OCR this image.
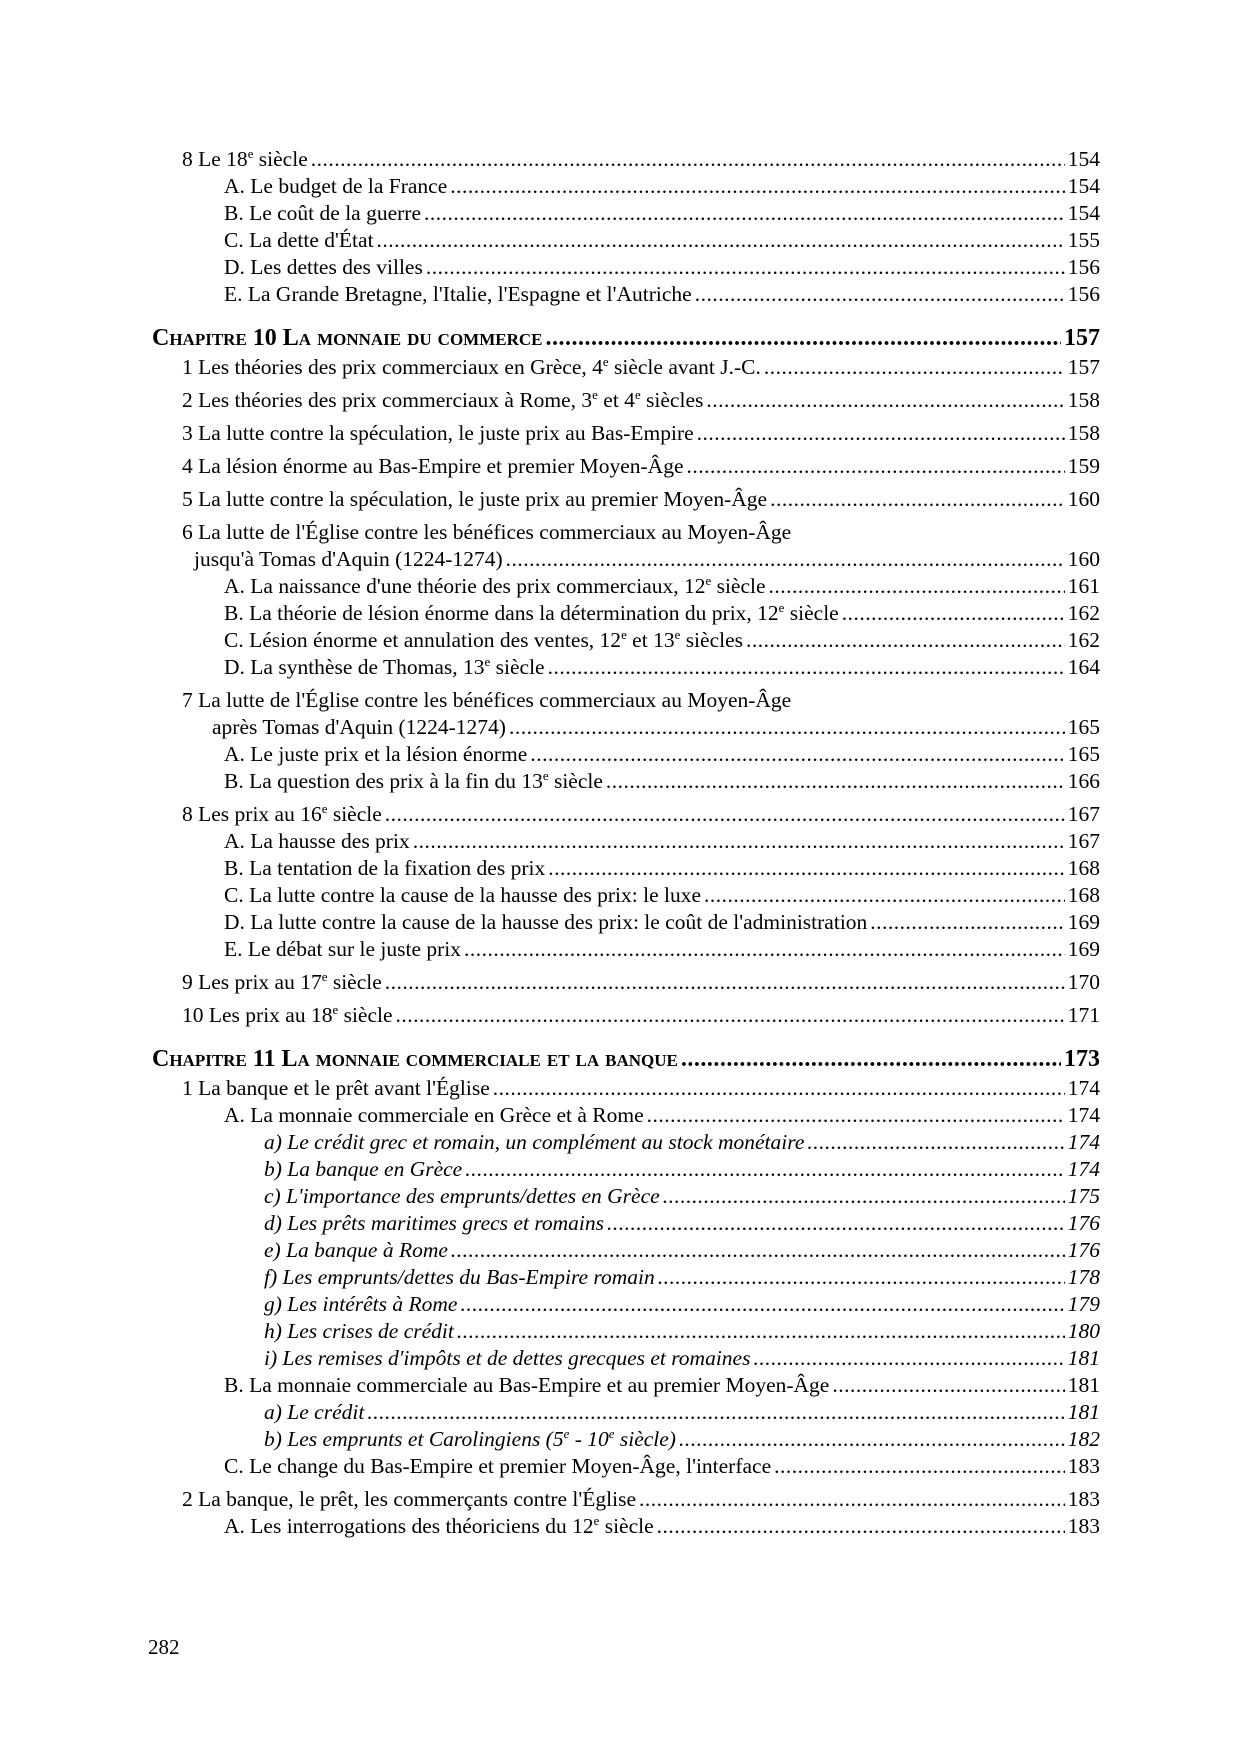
8 Le 18e siècle .....	154
A. Le budget de la France .....	154
B. Le coût de la guerre .....	154
C. La dette d'État .....	155
D. Les dettes des villes .....	156
E. La Grande Bretagne, l'Italie, l'Espagne et l'Autriche .....	156
Chapitre 10 La monnaie du commerce .....	157
1 Les théories des prix commerciaux en Grèce, 4e siècle avant J.-C. .....	157
2 Les théories des prix commerciaux à Rome, 3e et 4e siècles .....	158
3 La lutte contre la spéculation, le juste prix au Bas-Empire .....	158
4 La lésion énorme au Bas-Empire et premier Moyen-Âge .....	159
5 La lutte contre la spéculation, le juste prix au premier Moyen-Âge .....	160
6 La lutte de l'Église contre les bénéfices commerciaux au Moyen-Âge
jusqu'à Tomas d'Aquin (1224-1274) .....	160
A. La naissance d'une théorie des prix commerciaux, 12e siècle .....	161
B. La théorie de lésion énorme dans la détermination du prix, 12e siècle .....	162
C. Lésion énorme et annulation des ventes, 12e et 13e siècles .....	162
D. La synthèse de Thomas, 13e siècle .....	164
7 La lutte de l'Église contre les bénéfices commerciaux au Moyen-Âge
après Tomas d'Aquin (1224-1274) .....	165
A. Le juste prix et la lésion énorme .....	165
B. La question des prix à la fin du 13e siècle .....	166
8 Les prix au 16e siècle .....	167
A. La hausse des prix .....	167
B. La tentation de la fixation des prix .....	168
C. La lutte contre la cause de la hausse des prix: le luxe .....	168
D. La lutte contre la cause de la hausse des prix: le coût de l'administration .....	169
E. Le débat sur le juste prix .....	169
9 Les prix au 17e siècle .....	170
10 Les prix au 18e siècle .....	171
Chapitre 11 La monnaie commerciale et la banque .....	173
1 La banque et le prêt avant l'Église .....	174
A. La monnaie commerciale en Grèce et à Rome .....	174
a) Le crédit grec et romain, un complément au stock monétaire .....	174
b) La banque en Grèce .....	174
c) L'importance des emprunts/dettes en Grèce .....	175
d) Les prêts maritimes grecs et romains .....	176
e) La banque à Rome .....	176
f) Les emprunts/dettes du Bas-Empire romain .....	178
g) Les intérêts à Rome .....	179
h) Les crises de crédit .....	180
i) Les remises d'impôts et de dettes grecques et romaines .....	181
B. La monnaie commerciale au Bas-Empire et au premier Moyen-Âge .....	181
a) Le crédit .....	181
b) Les emprunts et Carolingiens (5e - 10e siècle) .....	182
C. Le change du Bas-Empire et premier Moyen-Âge, l'interface .....	183
2 La banque, le prêt, les commerçants contre l'Église .....	183
A. Les interrogations des théoriciens du 12e siècle .....	183
282
